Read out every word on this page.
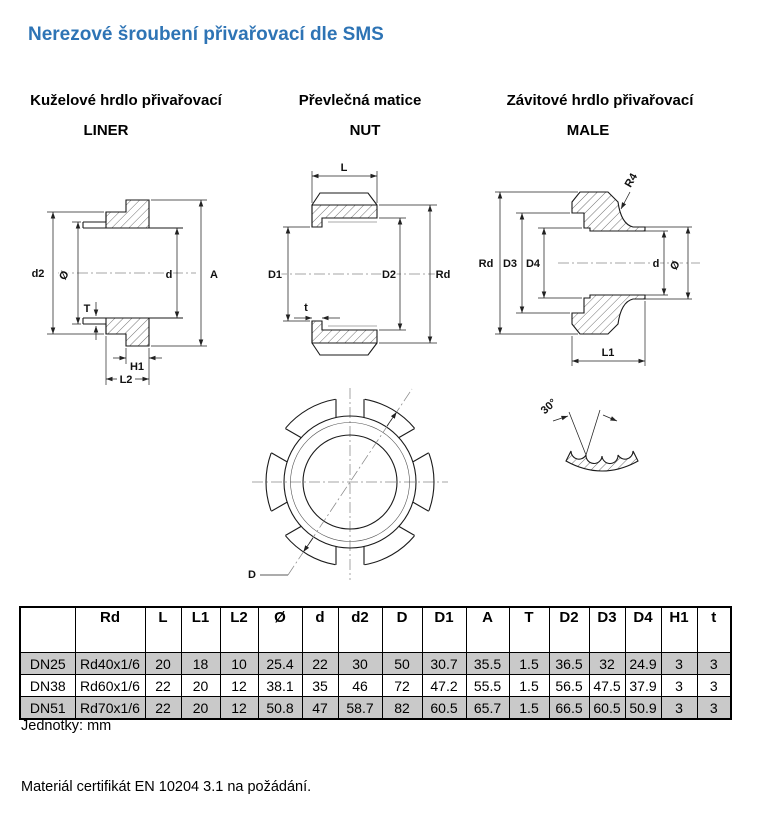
Nerezové šroubení přivařovací dle SMS
Kuželové hrdlo přivařovací	Převlečná matice	Závitové hrdlo přivařovací
LINER	NUT	MALE
d2 Ø
T
d	A
H1
L2
L
D1	D2	Rd
t
Rd D3 D4	d Ø
L1
R4
D
30°
	Rd	L	L1	L2	Ø	d	d2	D	D1	A	T	D2	D3	D4	H1	t
DN25	Rd40x1/6	20	18	10	25.4	22	30	50	30.7	35.5	1.5	36.5	32	24.9	3	3
DN38	Rd60x1/6	22	20	12	38.1	35	46	72	47.2	55.5	1.5	56.5	47.5	37.9	3	3
DN51	Rd70x1/6	22	20	12	50.8	47	58.7	82	60.5	65.7	1.5	66.5	60.5	50.9	3	3
Jednotky: mm
Materiál certifikát EN 10204 3.1 na požádání.
